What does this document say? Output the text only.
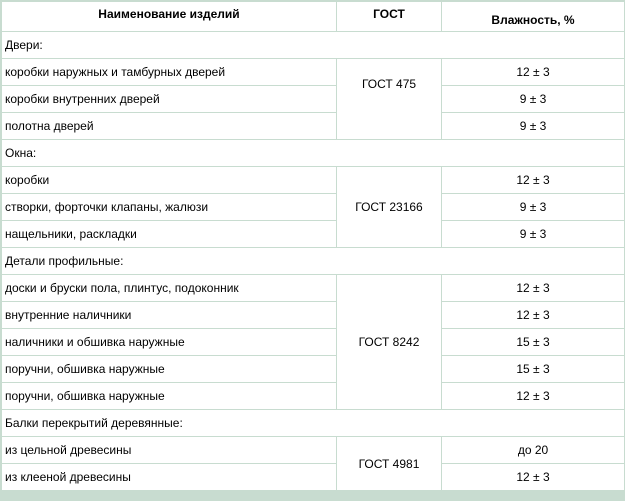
Наименование изделий	ГОСТ	Влажность, %
Двери:		
коробки наружных и тамбурных дверей	ГОСТ 475	12 ± 3
коробки внутренних дверей		9 ± 3
полотна дверей		9 ± 3
Окна:		
коробки	ГОСТ 23166	12 ± 3
створки, форточки клапаны, жалюзи		9 ± 3
нащельники, раскладки		9 ± 3
Детали профильные:		
доски и бруски пола, плинтус, подоконник	ГОСТ 8242	12 ± 3
внутренние наличники		12 ± 3
наличники и обшивка наружные		15 ± 3
поручни, обшивка наружные		15 ± 3
поручни, обшивка наружные		12 ± 3
Балки перекрытий деревянные:		
из цельной древесины	ГОСТ 4981	до 20
из клееной древесины		12 ± 3
